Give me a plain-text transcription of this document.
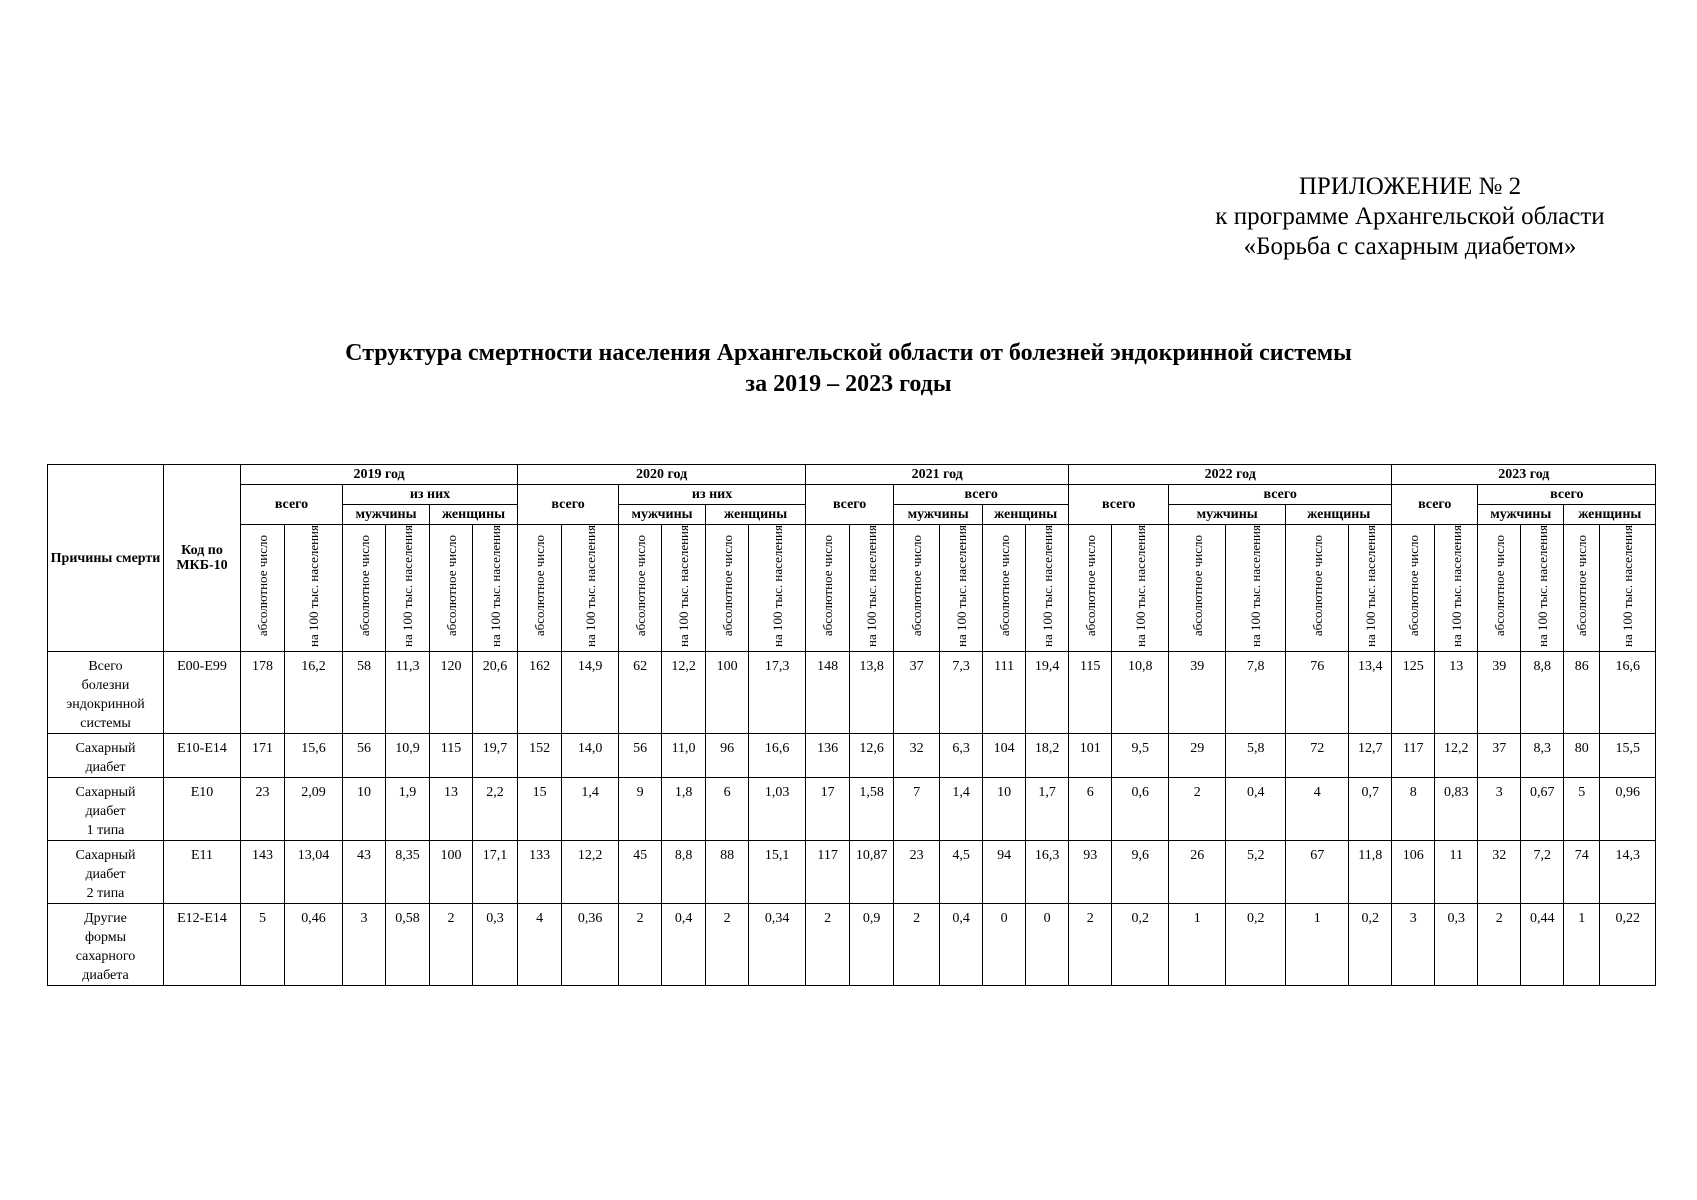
ПРИЛОЖЕНИЕ № 2
к программе Архангельской области
«Борьба с сахарным диабетом»
Структура смертности населения Архангельской области от болезней эндокринной системы
за 2019 – 2023 годы
Причины смерти	Код по МКБ-10	2019 год						2020 год						2021 год						2022 год						2023 год					
		всего		из них				всего		из них				всего		всего				всего		всего				всего		всего			
				мужчины		женщины				мужчины		женщины				мужчины		женщины				мужчины		женщины				мужчины		женщины	
		абсолютное число	на 100 тыс. населения	абсолютное число	на 100 тыс. населения	абсолютное число	на 100 тыс. населения	абсолютное число	на 100 тыс. населения	абсолютное число	на 100 тыс. населения	абсолютное число	на 100 тыс. населения	абсолютное число	на 100 тыс. населения	абсолютное число	на 100 тыс. населения	абсолютное число	на 100 тыс. населения	абсолютное число	на 100 тыс. населения	абсолютное число	на 100 тыс. населения	абсолютное число	на 100 тыс. населения	абсолютное число	на 100 тыс. населения	абсолютное число	на 100 тыс. населения	абсолютное число	на 100 тыс. населения
Всего
болезни
эндокринной
системы	E00-E99	178	16,2	58	11,3	120	20,6	162	14,9	62	12,2	100	17,3	148	13,8	37	7,3	111	19,4	115	10,8	39	7,8	76	13,4	125	13	39	8,8	86	16,6
Сахарный
диабет	E10-E14	171	15,6	56	10,9	115	19,7	152	14,0	56	11,0	96	16,6	136	12,6	32	6,3	104	18,2	101	9,5	29	5,8	72	12,7	117	12,2	37	8,3	80	15,5
Сахарный
диабет
1 типа	E10	23	2,09	10	1,9	13	2,2	15	1,4	9	1,8	6	1,03	17	1,58	7	1,4	10	1,7	6	0,6	2	0,4	4	0,7	8	0,83	3	0,67	5	0,96
Сахарный
диабет
2 типа	E11	143	13,04	43	8,35	100	17,1	133	12,2	45	8,8	88	15,1	117	10,87	23	4,5	94	16,3	93	9,6	26	5,2	67	11,8	106	11	32	7,2	74	14,3
Другие
формы
сахарного
диабета	E12-E14	5	0,46	3	0,58	2	0,3	4	0,36	2	0,4	2	0,34	2	0,9	2	0,4	0	0	2	0,2	1	0,2	1	0,2	3	0,3	2	0,44	1	0,22
